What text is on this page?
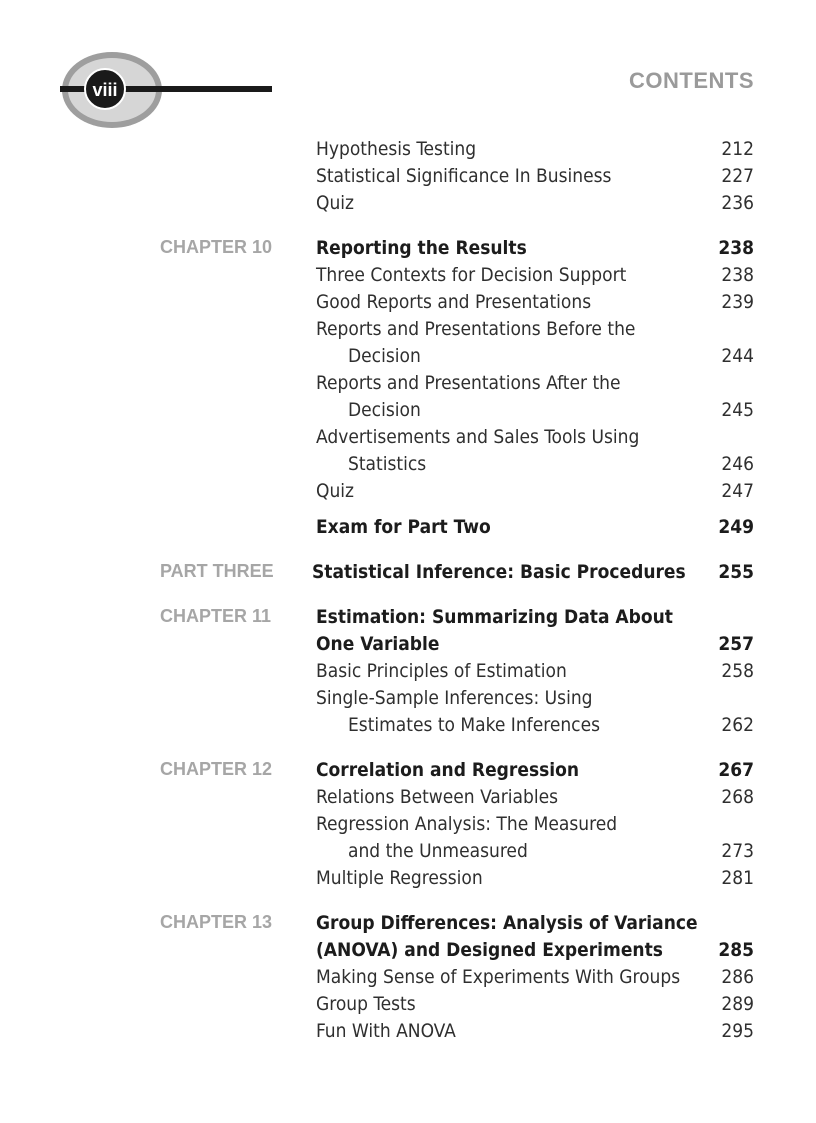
viii	CONTENTS
Hypothesis Testing	212
Statistical Significance In Business	227
Quiz	236
CHAPTER 10 Reporting the Results	238
Three Contexts for Decision Support	238
Good Reports and Presentations	239
Reports and Presentations Before the
Decision	244
Reports and Presentations After the
Decision	245
Advertisements and Sales Tools Using
Statistics	246
Quiz	247
Exam for Part Two	249
PART THREE Statistical Inference: Basic Procedures 255
CHAPTER 11 Estimation: Summarizing Data About
One Variable	257
Basic Principles of Estimation	258
Single-Sample Inferences: Using
Estimates to Make Inferences	262
CHAPTER 12 Correlation and Regression	267
Relations Between Variables	268
Regression Analysis: The Measured
and the Unmeasured	273
Multiple Regression	281
CHAPTER 13 Group Differences: Analysis of Variance
(ANOVA) and Designed Experiments	285
Making Sense of Experiments With Groups 286
Group Tests	289
Fun With ANOVA	295
